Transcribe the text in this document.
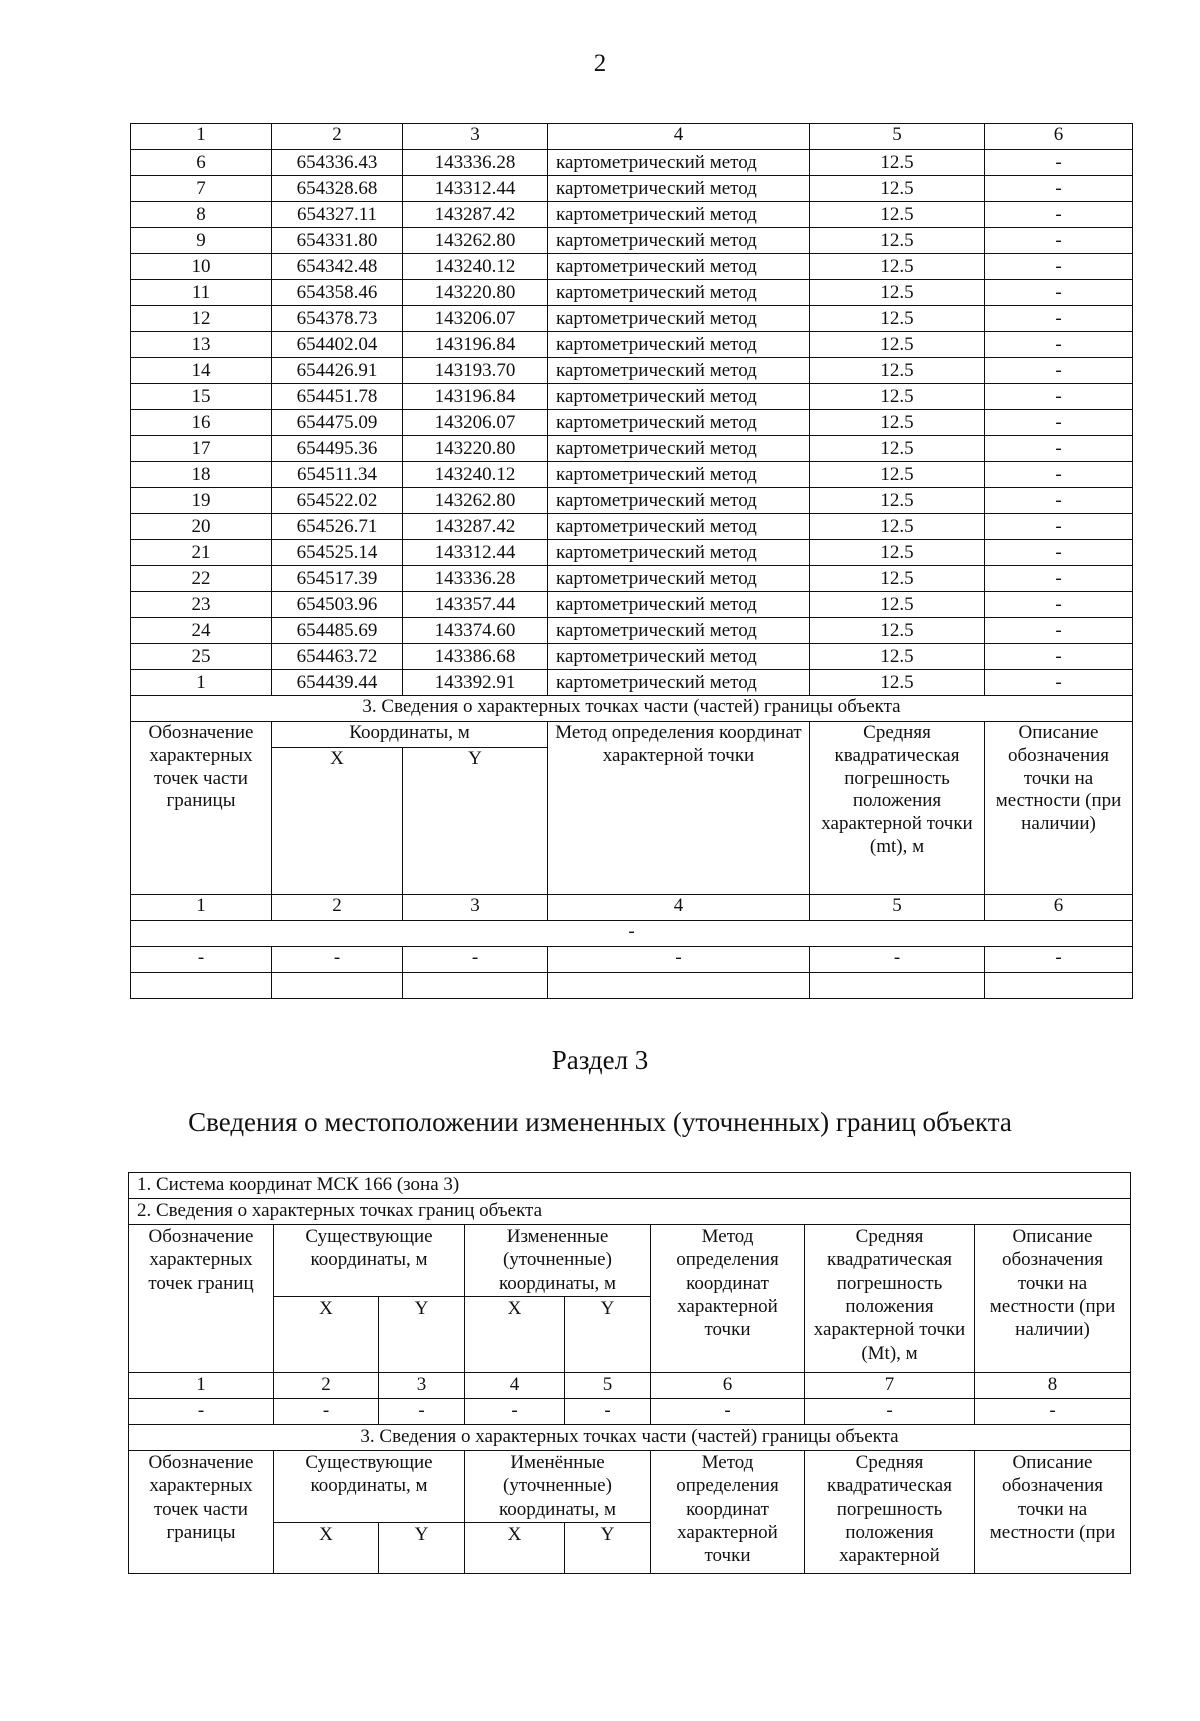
2
1	2	3	4	5	6
6	654336.43	143336.28	картометрический метод	12.5	-
7	654328.68	143312.44	картометрический метод	12.5	-
8	654327.11	143287.42	картометрический метод	12.5	-
9	654331.80	143262.80	картометрический метод	12.5	-
10	654342.48	143240.12	картометрический метод	12.5	-
11	654358.46	143220.80	картометрический метод	12.5	-
12	654378.73	143206.07	картометрический метод	12.5	-
13	654402.04	143196.84	картометрический метод	12.5	-
14	654426.91	143193.70	картометрический метод	12.5	-
15	654451.78	143196.84	картометрический метод	12.5	-
16	654475.09	143206.07	картометрический метод	12.5	-
17	654495.36	143220.80	картометрический метод	12.5	-
18	654511.34	143240.12	картометрический метод	12.5	-
19	654522.02	143262.80	картометрический метод	12.5	-
20	654526.71	143287.42	картометрический метод	12.5	-
21	654525.14	143312.44	картометрический метод	12.5	-
22	654517.39	143336.28	картометрический метод	12.5	-
23	654503.96	143357.44	картометрический метод	12.5	-
24	654485.69	143374.60	картометрический метод	12.5	-
25	654463.72	143386.68	картометрический метод	12.5	-
1	654439.44	143392.91	картометрический метод	12.5	-
3. Сведения о характерных точках части (частей) границы объекта					
Обозначение характерных точек части границы	Координаты, м		Метод определения координат характерной точки	Средняя квадратическая погрешность положения характерной точки (mt), м	Описание обозначения точки на местности (при наличии)
	X	Y			
1	2	3	4	5	6
-					
-	-	-	-	-	-

Раздел 3
Сведения о местоположении измененных (уточненных) границ объекта
1. Система координат МСК 166 (зона 3)							
2. Сведения о характерных точках границ объекта							
Обозначение характерных точек границ	Существующие координаты, м		Измененные (уточненные) координаты, м		Метод определения координат характерной точки	Средняя квадратическая погрешность положения характерной точки (Mt), м	Описание обозначения точки на местности (при наличии)
	X	Y	X	Y			
1	2	3	4	5	6	7	8
-	-	-	-	-	-	-	-
3. Сведения о характерных точках части (частей) границы объекта							
Обозначение характерных точек части границы	Существующие координаты, м		Именённые (уточненные) координаты, м		Метод определения координат характерной точки	Средняя квадратическая погрешность положения характерной	Описание обозначения точки на местности (при
	X	Y	X	Y			
